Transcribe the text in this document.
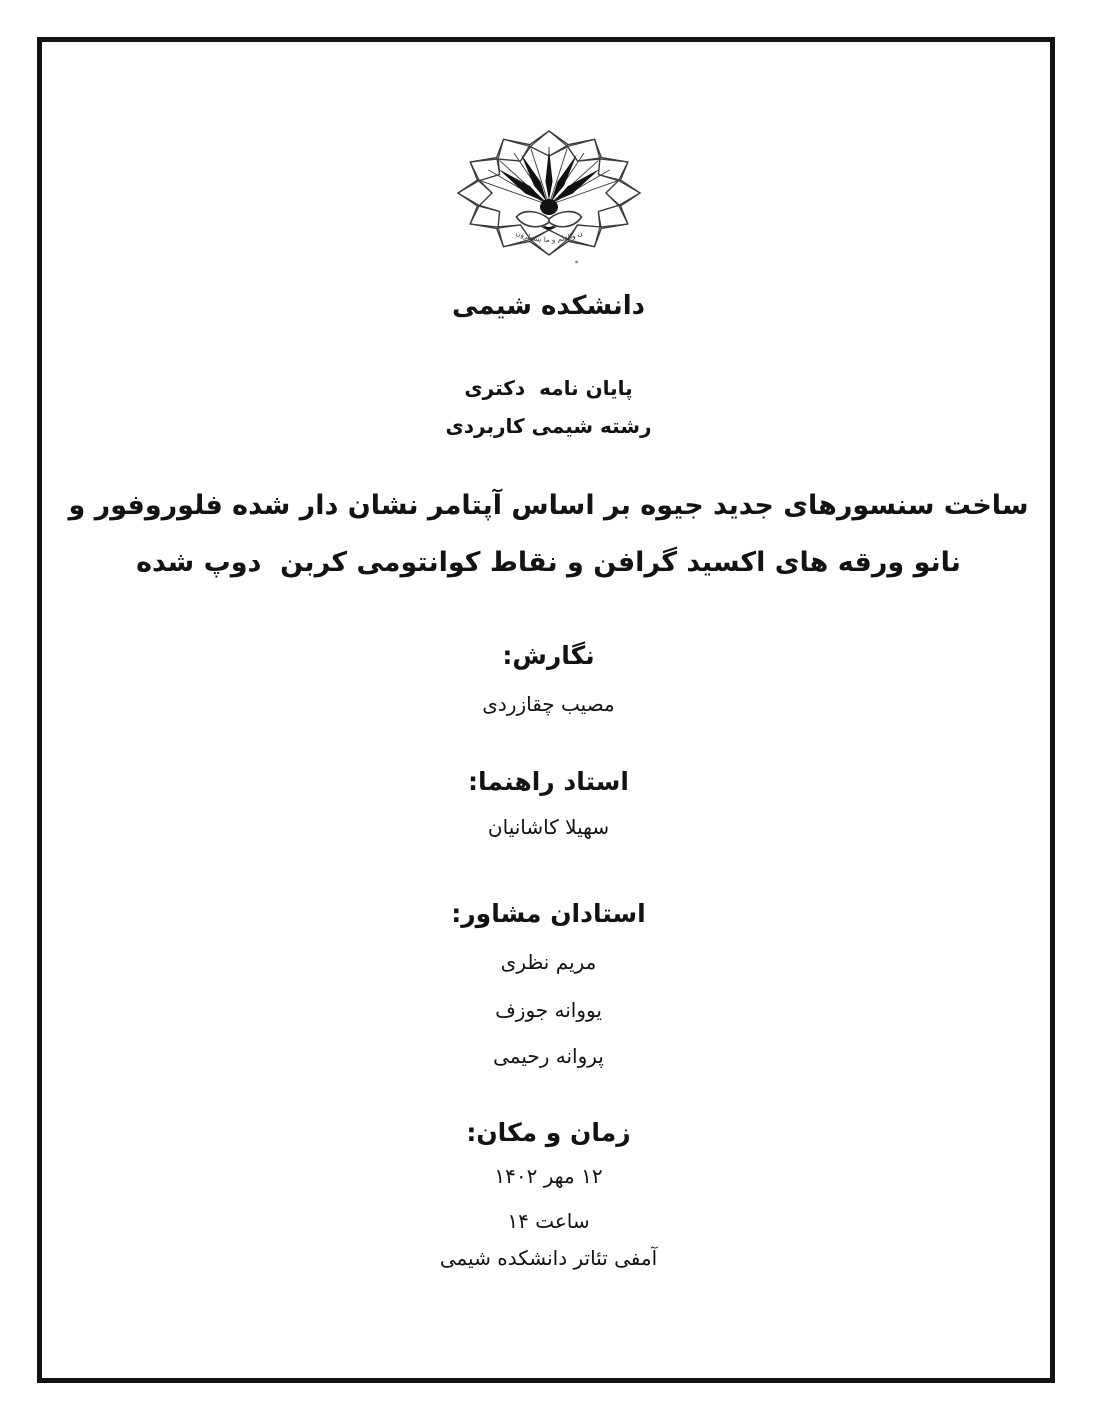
ن والقلم و ما یسطرون
دانشکده شیمی
پایان نامه  دکتری
رشته شیمی کاربردی
ساخت سنسورهای جدید جیوه بر اساس آپتامر نشان دار شده فلوروفور و
نانو ورقه های اکسید گرافن و نقاط کوانتومی کربن  دوپ شده
نگارش:
مصیب چقازردی
استاد راهنما:
سهیلا کاشانیان
استادان مشاور:
مریم نظری
یووانه جوزف
پروانه رحیمی
زمان و مکان:
۱۲ مهر ۱۴۰۲
ساعت ۱۴
آمفی تئاتر دانشکده شیمی
